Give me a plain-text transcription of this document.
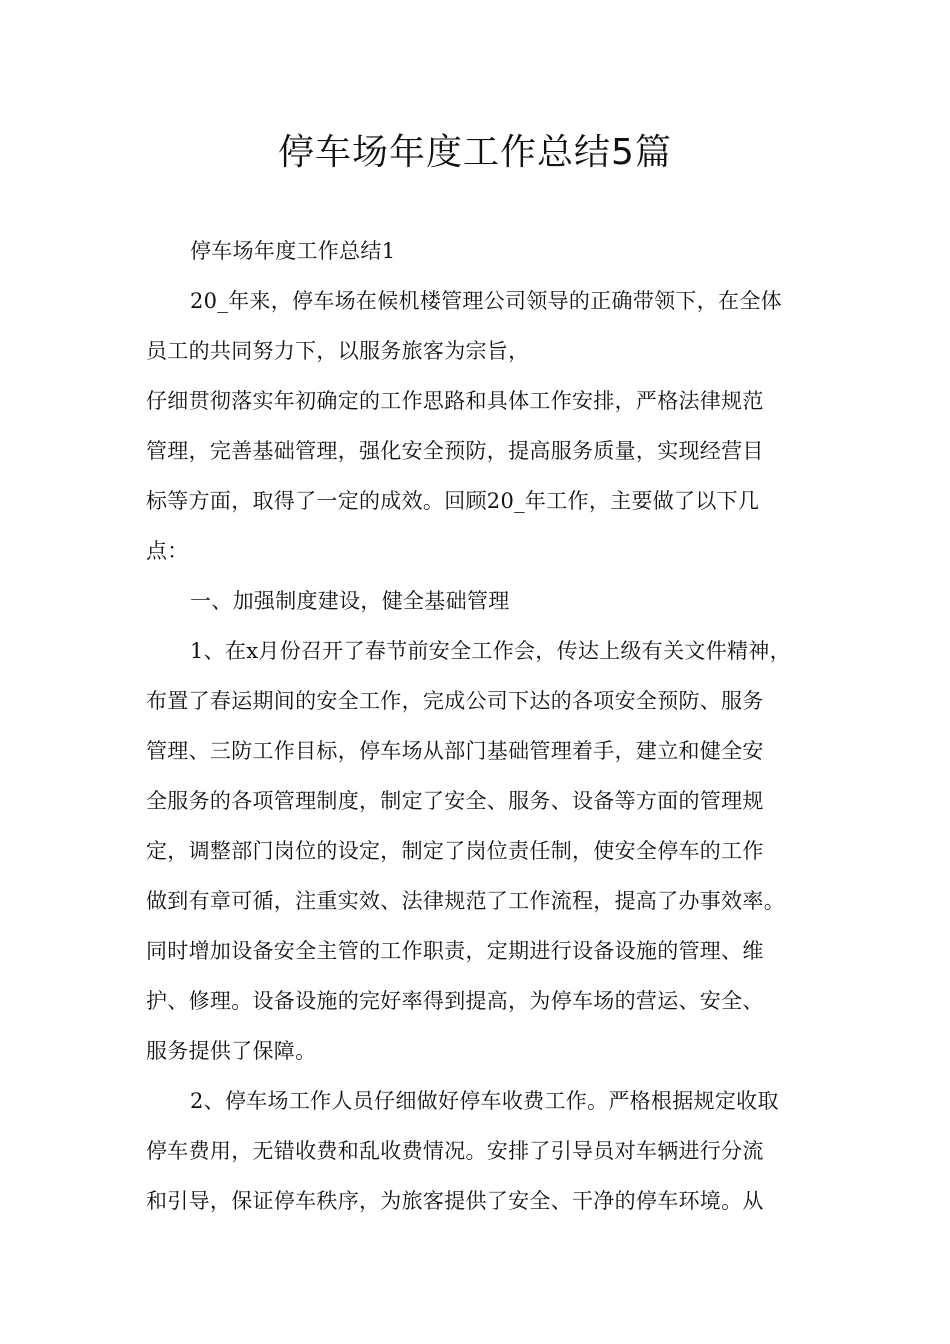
停车场年度工作总结5篇
停车场年度工作总结1
20_年来，停车场在候机楼管理公司领导的正确带领下，在全体
员工的共同努力下，以服务旅客为宗旨，
仔细贯彻落实年初确定的工作思路和具体工作安排，严格法律规范
管理，完善基础管理，强化安全预防，提高服务质量，实现经营目
标等方面，取得了一定的成效。回顾20_年工作，主要做了以下几
点：
一、加强制度建设，健全基础管理
1、在x月份召开了春节前安全工作会，传达上级有关文件精神，
布置了春运期间的安全工作，完成公司下达的各项安全预防、服务
管理、三防工作目标，停车场从部门基础管理着手，建立和健全安
全服务的各项管理制度，制定了安全、服务、设备等方面的管理规
定，调整部门岗位的设定，制定了岗位责任制，使安全停车的工作
做到有章可循，注重实效、法律规范了工作流程，提高了办事效率。
同时增加设备安全主管的工作职责，定期进行设备设施的管理、维
护、修理。设备设施的完好率得到提高，为停车场的营运、安全、
服务提供了保障。
2、停车场工作人员仔细做好停车收费工作。严格根据规定收取
停车费用，无错收费和乱收费情况。安排了引导员对车辆进行分流
和引导，保证停车秩序，为旅客提供了安全、干净的停车环境。从
